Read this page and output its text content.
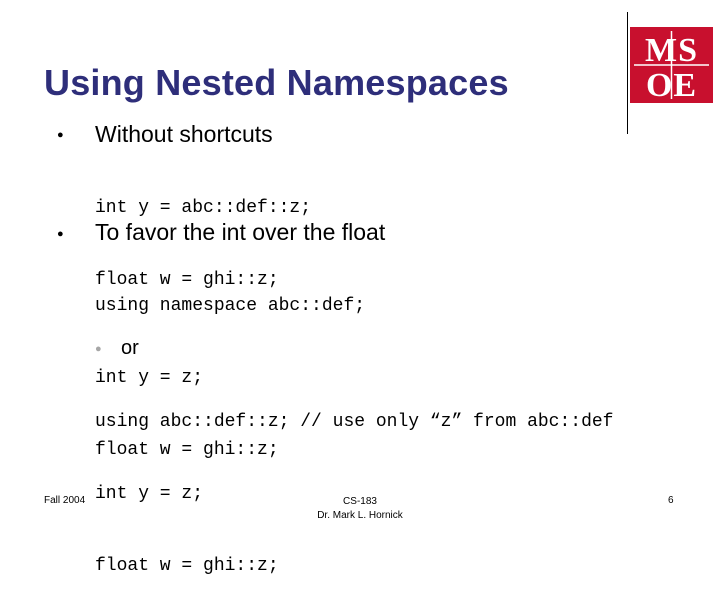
Using Nested Namespaces
MS
OE
● Without shortcuts

int y = abc::def::z;

float w = ghi::z;

● To favor the int over the float

using namespace abc::def;

int y = z;

float w = ghi::z;

● or

using abc::def::z; // use only “z” from abc::def

int y = z;

float w = ghi::z;

Fall 2004	CS-183
Dr. Mark L. Hornick
6
